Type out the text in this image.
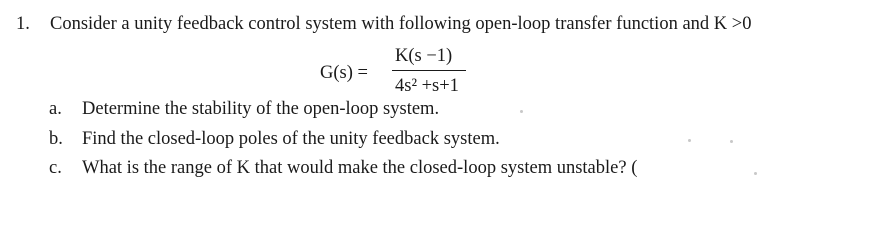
1. Consider a unity feedback control system with following open-loop transfer function and K >0
G(s) =
K(s −1)
4s² +s+1
a. Determine the stability of the open-loop system.
b. Find the closed-loop poles of the unity feedback system.
c. What is the range of K that would make the closed-loop system unstable? (
